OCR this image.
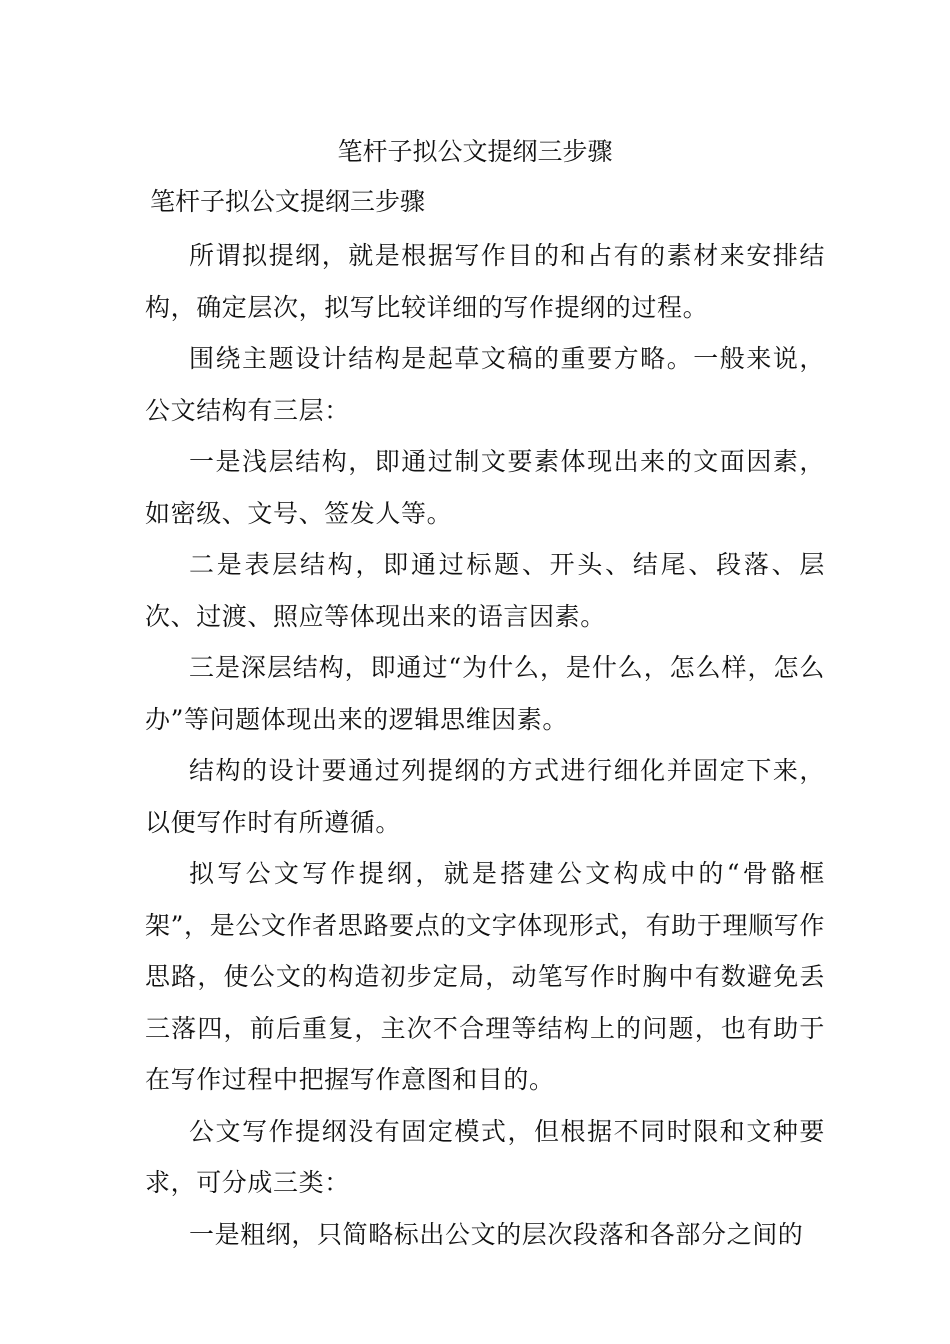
笔杆子拟公文提纲三步骤
笔杆子拟公文提纲三步骤

所谓拟提纲，就是根据写作目的和占有的素材来安排结构，确定层次，拟写比较详细的写作提纲的过程。

围绕主题设计结构是起草文稿的重要方略。一般来说，公文结构有三层：

一是浅层结构，即通过制文要素体现出来的文面因素，如密级、文号、签发人等。

二是表层结构，即通过标题、开头、结尾、段落、层次、过渡、照应等体现出来的语言因素。

三是深层结构，即通过“为什么，是什么，怎么样，怎么办”等问题体现出来的逻辑思维因素。

结构的设计要通过列提纲的方式进行细化并固定下来，以便写作时有所遵循。

拟写公文写作提纲，就是搭建公文构成中的“骨骼框架”，是公文作者思路要点的文字体现形式，有助于理顺写作思路，使公文的构造初步定局，动笔写作时胸中有数避免丢三落四，前后重复，主次不合理等结构上的问题，也有助于在写作过程中把握写作意图和目的。

公文写作提纲没有固定模式，但根据不同时限和文种要求，可分成三类：

一是粗纲，只简略标出公文的层次段落和各部分之间的
